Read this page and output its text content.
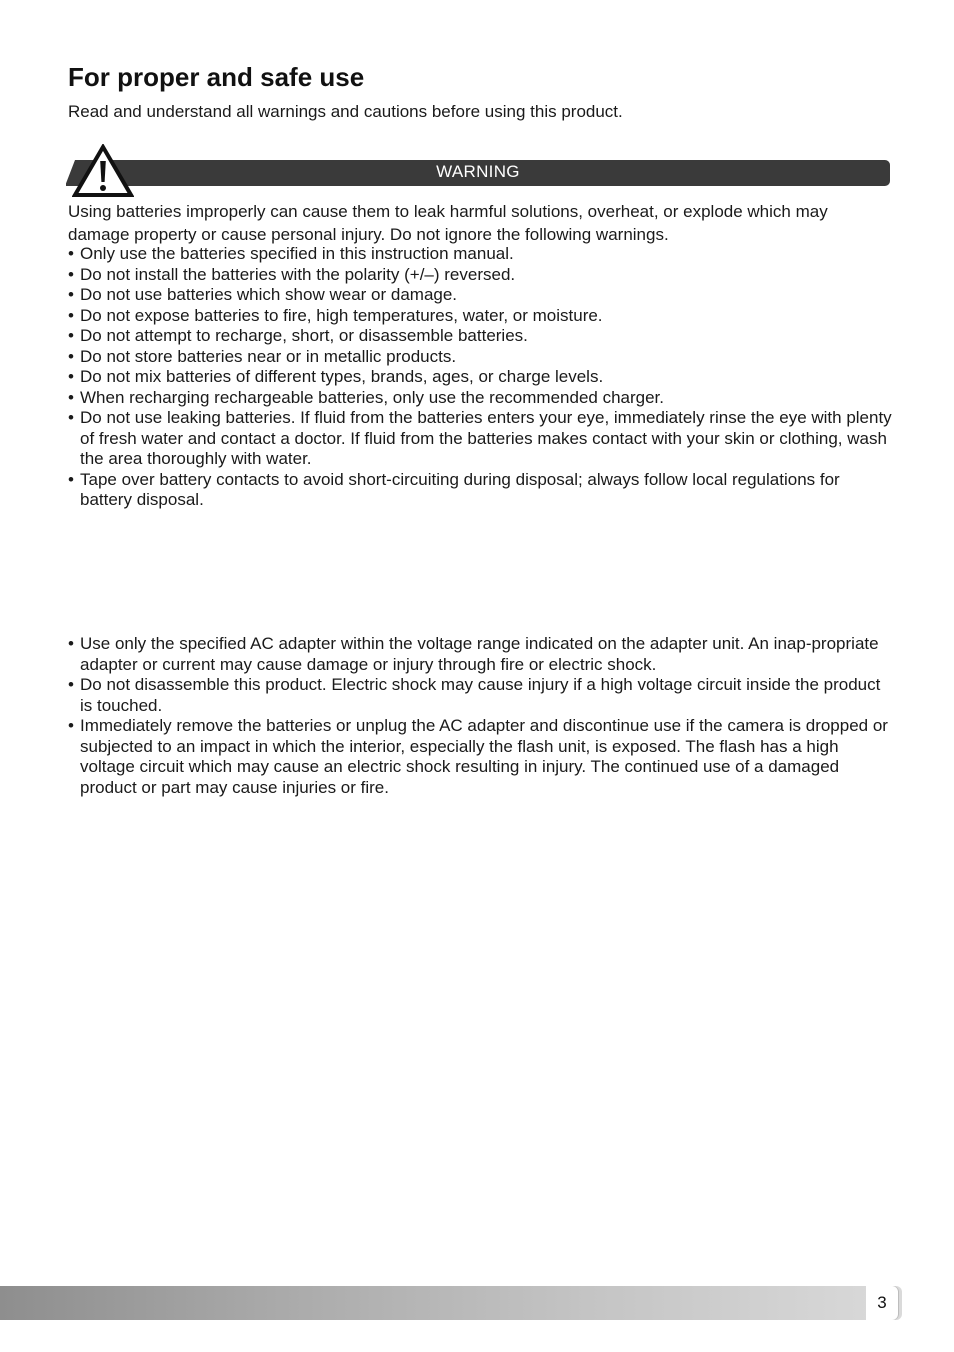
For proper and safe use

Read and understand all warnings and cautions before using this product.

WARNING

Using batteries improperly can cause them to leak harmful solutions, overheat, or explode which may
damage property or cause personal injury. Do not ignore the following warnings.

• Only use the batteries specified in this instruction manual.
• Do not install the batteries with the polarity (+/–) reversed.
• Do not use batteries which show wear or damage.
• Do not expose batteries to fire, high temperatures, water, or moisture.
• Do not attempt to recharge, short, or disassemble batteries.
• Do not store batteries near or in metallic products.
• Do not mix batteries of different types, brands, ages, or charge levels.
• When recharging rechargeable batteries, only use the recommended charger.
• Do not use leaking batteries. If fluid from the batteries enters your eye, immediately rinse the eye with plenty of fresh water and contact a doctor. If fluid from the batteries makes contact with your skin or clothing, wash the area thoroughly with water.
• Tape over battery contacts to avoid short-circuiting during disposal; always follow local regulations for battery disposal.
• Use only the specified AC adapter within the voltage range indicated on the adapter unit. An inap-propriate adapter or current may cause damage or injury through fire or electric shock.
• Do not disassemble this product. Electric shock may cause injury if a high voltage circuit inside the product is touched.
• Immediately remove the batteries or unplug the AC adapter and discontinue use if the camera is dropped or subjected to an impact in which the interior, especially the flash unit, is exposed. The flash has a high voltage circuit which may cause an electric shock resulting in injury. The continued use of a damaged product or part may cause injuries or fire.
3
